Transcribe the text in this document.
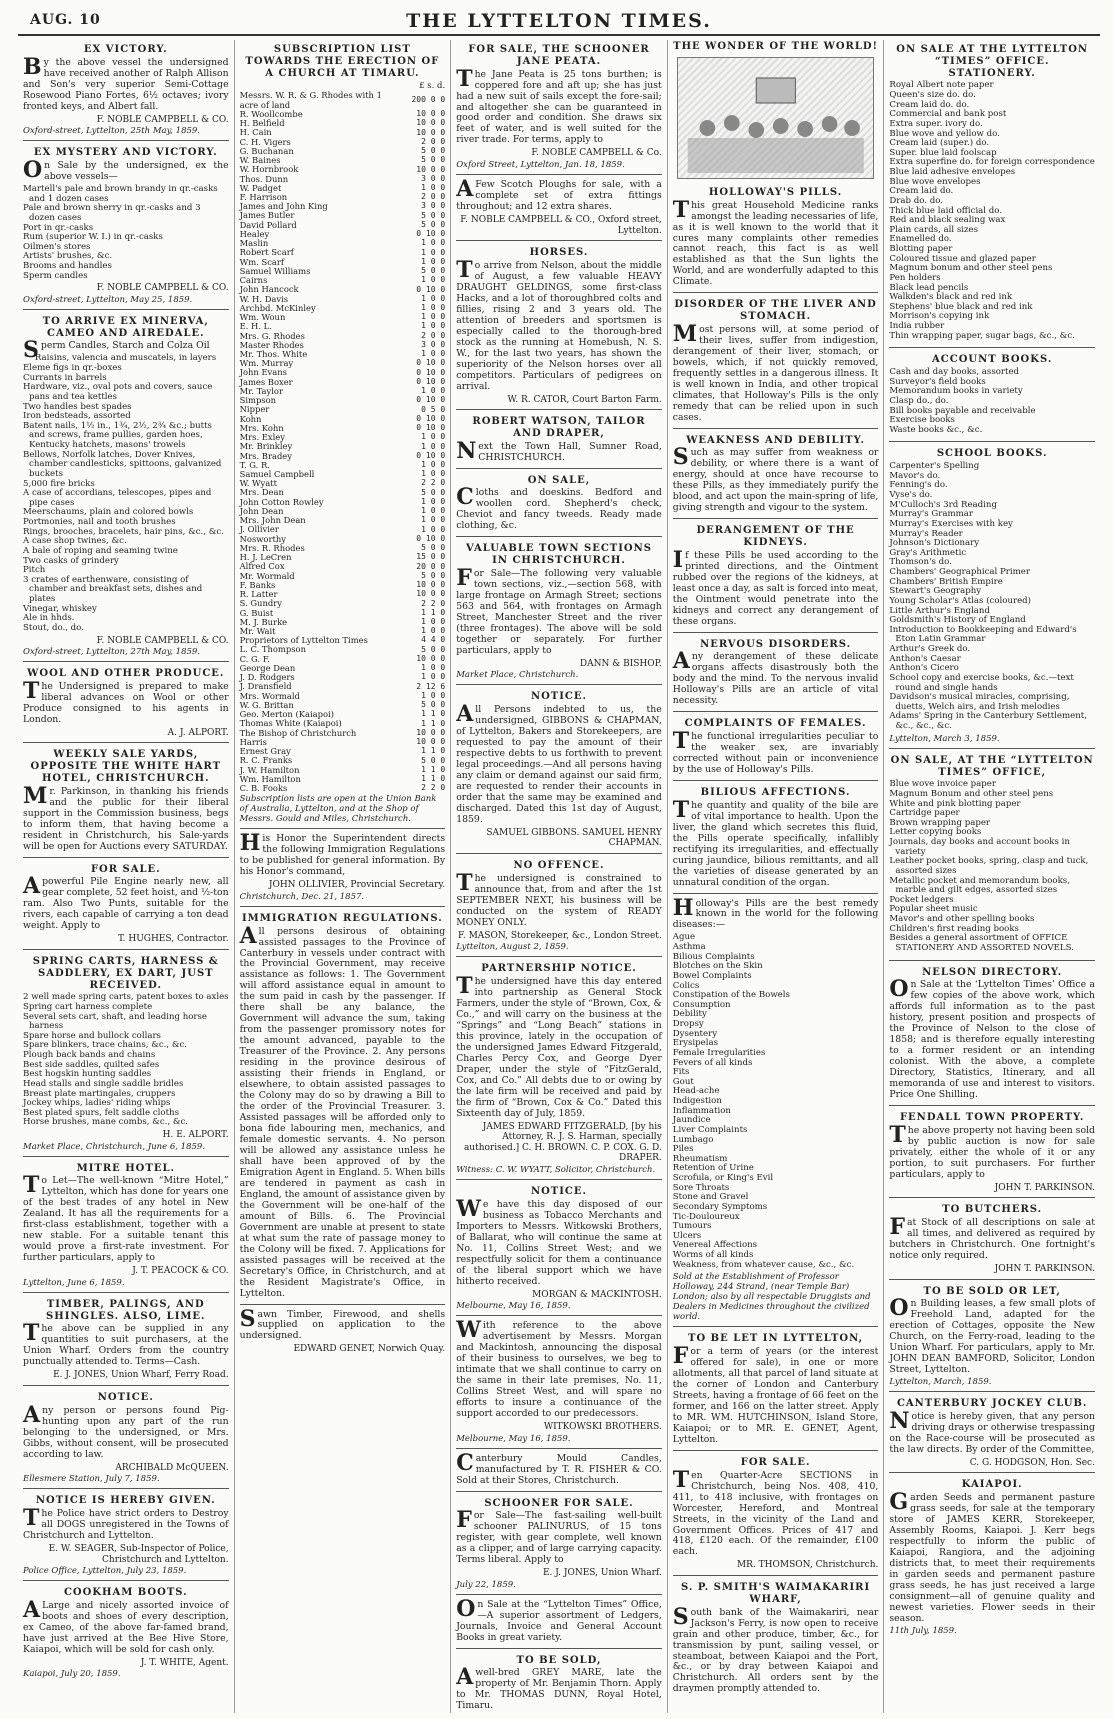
AUG. 10	THE LYTTELTON TIMES.
EX VICTORY.

By the above vessel the undersigned have received another of Ralph Allison and Son's very superior Semi-Cottage Rosewood Piano Fortes, 6½ octaves; ivory fronted keys, and Albert fall.

F. NOBLE CAMPBELL & CO.
Oxford-street, Lyttelton, 25th May, 1859.
EX MYSTERY AND VICTORY.

On Sale by the undersigned, ex the above vessels—

Martell's pale and brown brandy in qr.-casks and 1 dozen cases
Pale and brown sherry in qr.-casks and 3 dozen cases
Port in qr.-casks
Rum (superior W. I.) in qr.-casks
Oilmen's stores
Artists' brushes, &c.
Brooms and handles
Sperm candles
F. NOBLE CAMPBELL & CO.
Oxford-street, Lyttelton, May 25, 1859.
TO ARRIVE EX MINERVA, CAMEO AND AIREDALE.

Sperm Candles, Starch and Colza Oil

Raisins, valencia and muscatels, in layers
Eleme figs in qr.-boxes
Currants in barrels
Hardware, viz., oval pots and covers, sauce pans and tea kettles
Two handles best spades
Iron bedsteads, assorted
Batent nails, 1½ in., 1¾, 2½, 2¾ &c.; butts and screws, frame pullies, garden hoes, Kentucky hatchets, masons' trowels
Bellows, Norfolk latches, Dover Knives, chamber candlesticks, spittoons, galvanized buckets
5,000 fire bricks
A case of accordians, telescopes, pipes and pipe cases
Meerschaums, plain and colored bowls
Portmonies, nail and tooth brushes
Rings, brooches, bracelets, hair pins, &c., &c.
A case shop twines, &c.
A bale of roping and seaming twine
Two casks of grindery
Pitch
3 crates of earthenware, consisting of chamber and breakfast sets, dishes and plates
Vinegar, whiskey
Ale in hhds.
Stout, do., do.
F. NOBLE CAMPBELL & CO.
Oxford-street, Lyttelton, 27th May, 1859.
WOOL AND OTHER PRODUCE.

The Undersigned is prepared to make liberal advances on Wool or other Produce consigned to his agents in London.

A. J. ALPORT.
WEEKLY SALE YARDS, OPPOSITE THE WHITE HART HOTEL, CHRISTCHURCH.

Mr. Parkinson, in thanking his friends and the public for their liberal support in the Commission business, begs to inform them, that having become a resident in Christchurch, his Sale-yards will be open for Auctions every SATURDAY.

FOR SALE.

Apowerful Pile Engine nearly new, all gear complete, 52 feet hoist, and ½-ton ram. Also Two Punts, suitable for the rivers, each capable of carrying a ton dead weight. Apply to

T. HUGHES, Contractor.
SPRING CARTS, HARNESS & SADDLERY, EX DART, JUST RECEIVED.
2 well made spring carts, patent boxes to axles
Spring cart harness complete
Several sets cart, shaft, and leading horse harness
Spare horse and bullock collars
Spare blinkers, trace chains, &c., &c.
Plough back bands and chains
Best side saddles, quilted safes
Best hogskin hunting saddles
Head stalls and single saddle bridles
Breast plate martingales, cruppers
Jockey whips, ladies' riding whips
Best plated spurs, felt saddle cloths
Horse brushes, mane combs, &c., &c.
H. E. ALPORT.
Market Place, Christchurch, June 6, 1859.
MITRE HOTEL.

To Let—The well-known “Mitre Hotel,” Lyttelton, which has done for years one of the best trades of any hotel in New Zealand. It has all the requirements for a first-class establishment, together with a new stable. For a suitable tenant this would prove a first-rate investment. For further particulars, apply to

J. T. PEACOCK & CO.
Lyttelton, June 6, 1859.
TIMBER, PALINGS, AND SHINGLES. ALSO, LIME.

The above can be supplied in any quantities to suit purchasers, at the Union Wharf. Orders from the country punctually attended to. Terms—Cash.

E. J. JONES, Union Wharf, Ferry Road.
NOTICE.

Any person or persons found Pig-hunting upon any part of the run belonging to the undersigned, or Mrs. Gibbs, without consent, will be prosecuted according to law.

ARCHIBALD McQUEEN.
Ellesmere Station, July 7, 1859.
NOTICE IS HEREBY GIVEN.

The Police have strict orders to Destroy all DOGS unregistered in the Towns of Christchurch and Lyttelton.

E. W. SEAGER, Sub-Inspector of Police, Christchurch and Lyttelton.
Police Office, Lyttelton, July 23, 1859.
COOKHAM BOOTS.

ALarge and nicely assorted invoice of boots and shoes of every description, ex Cameo, of the above far-famed brand, have just arrived at the Bee Hive Store, Kaiapoi, which will be sold for cash only.

J. T. WHITE, Agent.
Kaiapoi, July 20, 1859.
SUBSCRIPTION LIST TOWARDS THE ERECTION OF A CHURCH AT TIMARU.
£ s. d.
Messrs. W. R. & G. Rhodes with 1 acre of land	200 0 0
R. Woollcombe	10 0 0
H. Belfield	10 0 0
H. Cain	10 0 0
C. H. Vigers	2 0 0
G. Buchanan	5 0 0
W. Baines	5 0 0
W. Hornbrook	10 0 0
Thos. Dunn	3 0 0
W. Padget	1 0 0
F. Harrison	2 0 0
James and John King	3 0 0
James Butler	5 0 0
David Pollard	5 0 0
Healey	0 10 0
Maslin	1 0 0
Robert Scarf	1 0 0
Wm. Scarf	1 0 0
Samuel Williams	5 0 0
Cairns	1 0 0
John Hancock	0 10 0
W. H. Davis	1 0 0
Archbd. McKinley	1 0 0
Wm. Woun	1 0 0
E. H. L.	1 0 0
Mrs. G. Rhodes	2 0 0
Master Rhodes	3 0 0
Mr. Thos. White	1 0 0
Wm. Murray	0 10 0
John Evans	0 10 0
James Boxer	0 10 0
Mr. Taylor	1 0 0
Simpson	0 10 0
Nipper	0 5 0
Kohn	0 10 0
Mrs. Kohn	0 10 0
Mrs. Exley	1 0 0
Mr. Brinkley	1 0 0
Mrs. Bradey	0 10 0
T. G. R.	1 0 0
Samuel Campbell	1 0 0
W. Wyatt	2 2 0
Mrs. Dean	5 0 0
John Cotton Rowley	1 0 0
John Dean	1 0 0
Mrs. John Dean	1 0 0
J. Ollivier	1 0 0
Nosworthy	0 10 0
Mrs. R. Rhodes	5 0 0
H. J. LeCren	15 0 0
Alfred Cox	20 0 0
Mr. Wormald	5 0 0
F. Banks	10 0 0
R. Latter	10 0 0
S. Gundry	2 2 0
G. Buist	1 1 0
M. J. Burke	1 0 0
Mr. Wait	1 0 0
Proprietors of Lyttelton Times	4 4 0
L. C. Thompson	5 0 0
C. G. F.	10 0 0
George Dean	1 0 0
J. D. Rodgers	1 0 0
J. Dransfield	2 12 6
Mrs. Wormald	1 0 0
W. G. Brittan	5 0 0
Geo. Merton (Kaiapoi)	1 1 0
Thomas White (Kaiapoi)	1 1 0
The Bishop of Christchurch	10 0 0
Harris	10 0 0
Ernest Gray	1 1 0
R. C. Franks	5 0 0
J. W. Hamilton	1 1 0
Wm. Hamilton	1 1 0
C. B. Fooks	2 2 0
Subscription lists are open at the Union Bank of Australia, Lyttelton, and at the Shop of Messrs. Gould and Miles, Christchurch.

His Honor the Superintendent directs the following Immigration Regulations to be published for general information. By his Honor's command,

JOHN OLLIVIER, Provincial Secretary.
Christchurch, Dec. 21, 1857.
IMMIGRATION REGULATIONS.

All persons desirous of obtaining assisted passages to the Province of Canterbury in vessels under contract with the Provincial Government, may receive assistance as follows: 1. The Government will afford assistance equal in amount to the sum paid in cash by the passenger. If there shall be any balance, the Government will advance the sum, taking from the passenger promissory notes for the amount advanced, payable to the Treasurer of the Province. 2. Any persons residing in the province desirous of assisting their friends in England, or elsewhere, to obtain assisted passages to the Colony may do so by drawing a Bill to the order of the Provincial Treasurer. 3. Assisted passages will be afforded only to bona fide labouring men, mechanics, and female domestic servants. 4. No person will be allowed any assistance unless he shall have been approved of by the Emigration Agent in England. 5. When bills are tendered in payment as cash in England, the amount of assistance given by the Government will be one-half of the amount of Bills. 6. The Provincial Government are unable at present to state at what sum the rate of passage money to the Colony will be fixed. 7. Applications for assisted passages will be received at the Secretary's Office, in Christchurch, and at the Resident Magistrate's Office, in Lyttelton.

Sawn Timber, Firewood, and shells supplied on application to the undersigned.

EDWARD GENET, Norwich Quay.
FOR SALE, THE SCHOONER JANE PEATA.

The Jane Peata is 25 tons burthen; is coppered fore and aft up; she has just had a new suit of sails except the fore-sail; and altogether she can be guaranteed in good order and condition. She draws six feet of water, and is well suited for the river trade. For terms, apply to

F. NOBLE CAMPBELL & Co.
Oxford Street, Lyttelton, Jan. 18, 1859.

AFew Scotch Ploughs for sale, with a complete set of extra fittings throughout; and 12 extra shares.

F. NOBLE CAMPBELL & CO., Oxford street, Lyttelton.
HORSES.

To arrive from Nelson, about the middle of August, a few valuable HEAVY DRAUGHT GELDINGS, some first-class Hacks, and a lot of thoroughbred colts and fillies, rising 2 and 3 years old. The attention of breeders and sportsmen is especially called to the thorough-bred stock as the running at Homebush, N. S. W., for the last two years, has shown the superiority of the Nelson horses over all competitors. Particulars of pedigrees on arrival.

W. R. CATOR, Court Barton Farm.
ROBERT WATSON, TAILOR AND DRAPER,

Next the Town Hall, Sumner Road, CHRISTCHURCH.

ON SALE,

Cloths and doeskins. Bedford and woollen cord. Shepherd's check, Cheviot and fancy tweeds. Ready made clothing, &c.

VALUABLE TOWN SECTIONS IN CHRISTCHURCH.

For Sale—The following very valuable town sections, viz.,—section 568, with large frontage on Armagh Street; sections 563 and 564, with frontages on Armagh Street, Manchester Street and the river (three frontages). The above will be sold together or separately. For further particulars, apply to

DANN & BISHOP.
Market Place, Christchurch.
NOTICE.

All Persons indebted to us, the undersigned, GIBBONS & CHAPMAN, of Lyttelton, Bakers and Storekeepers, are requested to pay the amount of their respective debts to us forthwith to prevent legal proceedings.—And all persons having any claim or demand against our said firm, are requested to render their accounts in order that the same may be examined and discharged. Dated this 1st day of August, 1859.

SAMUEL GIBBONS. SAMUEL HENRY CHAPMAN.
NO OFFENCE.

The undersigned is constrained to announce that, from and after the 1st SEPTEMBER NEXT, his business will be conducted on the system of READY MONEY ONLY.

F. MASON, Storekeeper, &c., London Street.
Lyttelton, August 2, 1859.
PARTNERSHIP NOTICE.

The undersigned have this day entered into partnership as General Stock Farmers, under the style of “Brown, Cox, & Co.,” and will carry on the business at the “Springs” and “Long Beach” stations in this province, lately in the occupation of the undersigned James Edward Fitzgerald, Charles Percy Cox, and George Dyer Draper, under the style of “FitzGerald, Cox, and Co.” All debts due to or owing by the late firm will be received and paid by the firm of “Brown, Cox & Co.” Dated this Sixteenth day of July, 1859.

JAMES EDWARD FITZGERALD, [by his Attorney, R. J. S. Harman, specially authorised.] C. H. BROWN. C. P. COX. G. D. DRAPER.
Witness: C. W. WYATT, Solicitor, Christchurch.
NOTICE.

We have this day disposed of our business as Tobacco Merchants and Importers to Messrs. Witkowski Brothers, of Ballarat, who will continue the same at No. 11, Collins Street West; and we respectfully solicit for them a continuance of the liberal support which we have hitherto received.

MORGAN & MACKINTOSH.
Melbourne, May 16, 1859.

With reference to the above advertisement by Messrs. Morgan and Mackintosh, announcing the disposal of their business to ourselves, we beg to intimate that we shall continue to carry on the same in their late premises, No. 11, Collins Street West, and will spare no efforts to insure a continuance of the support accorded to our predecessors.

WITKOWSKI BROTHERS.
Melbourne, May 16, 1859.

Canterbury Mould Candles, manufactured by T. R. FISHER & CO. Sold at their Stores, Christchurch.

SCHOONER FOR SALE.

For Sale—The fast-sailing well-built schooner PALINURUS, of 15 tons register, with gear complete, well known as a clipper, and of large carrying capacity. Terms liberal. Apply to

E. J. JONES, Union Wharf.
July 22, 1859.

On Sale at the “Lyttelton Times” Office,—A superior assortment of Ledgers, Journals, Invoice and General Account Books in great variety.

TO BE SOLD,

Awell-bred GREY MARE, late the property of Mr. Benjamin Thorn. Apply to Mr. THOMAS DUNN, Royal Hotel, Timaru.

THE WONDER OF THE WORLD!
HOLLOWAY'S PILLS.

This great Household Medicine ranks amongst the leading necessaries of life, as it is well known to the world that it cures many complaints other remedies cannot reach, this fact is as well established as that the Sun lights the World, and are wonderfully adapted to this Climate.

DISORDER OF THE LIVER AND STOMACH.

Most persons will, at some period of their lives, suffer from indigestion, derangement of their liver, stomach, or bowels, which, if not quickly removed, frequently settles in a dangerous illness. It is well known in India, and other tropical climates, that Holloway's Pills is the only remedy that can be relied upon in such cases.

WEAKNESS AND DEBILITY.

Such as may suffer from weakness or debility, or where there is a want of energy, should at once have recourse to these Pills, as they immediately purify the blood, and act upon the main-spring of life, giving strength and vigour to the system.

DERANGEMENT OF THE KIDNEYS.

If these Pills be used according to the printed directions, and the Ointment rubbed over the regions of the kidneys, at least once a day, as salt is forced into meat, the Ointment would penetrate into the kidneys and correct any derangement of these organs.

NERVOUS DISORDERS.

Any derangement of these delicate organs affects disastrously both the body and the mind. To the nervous invalid Holloway's Pills are an article of vital necessity.

COMPLAINTS OF FEMALES.

The functional irregularities peculiar to the weaker sex, are invariably corrected without pain or inconvenience by the use of Holloway's Pills.

BILIOUS AFFECTIONS.

The quantity and quality of the bile are of vital importance to health. Upon the liver, the gland which secretes this fluid, the Pills operate specifically, infallibly rectifying its irregularities, and effectually curing jaundice, bilious remittants, and all the varieties of disease generated by an unnatural condition of the organ.

Holloway's Pills are the best remedy known in the world for the following diseases:—

Ague
Asthma
Bilious Complaints
Blotches on the Skin
Bowel Complaints
Colics
Constipation of the Bowels
Consumption
Debility
Dropsy
Dysentery
Erysipelas
Female Irregularities
Fevers of all kinds
Fits
Gout
Head-ache
Indigestion
Inflammation
Jaundice
Liver Complaints
Lumbago
Piles
Rheumatism
Retention of Urine
Scrofula, or King's Evil
Sore Throats
Stone and Gravel
Secondary Symptoms
Tic-Douloureux
Tumours
Ulcers
Venereal Affections
Worms of all kinds
Weakness, from whatever cause, &c., &c.
Sold at the Establishment of Professor Holloway, 244 Strand, (near Temple Bar) London; also by all respectable Druggists and Dealers in Medicines throughout the civilized world.
TO BE LET IN LYTTELTON,

For a term of years (or the interest offered for sale), in one or more allotments, all that parcel of land situate at the corner of London and Canterbury Streets, having a frontage of 66 feet on the former, and 166 on the latter street. Apply to MR. WM. HUTCHINSON, Island Store, Kaiapoi; or to MR. E. GENET, Agent, Lyttelton.

FOR SALE.

Ten Quarter-Acre SECTIONS in Christchurch, being Nos. 408, 410, 411, to 418 inclusive, with frontages on Worcester, Hereford, and Montreal Streets, in the vicinity of the Land and Government Offices. Prices of 417 and 418, £120 each. Of the remainder, £100 each.

MR. THOMSON, Christchurch.
S. P. SMITH'S WAIMAKARIRI WHARF,

South bank of the Waimakariri, near Jackson's Ferry, is now open to receive grain and other produce, timber, &c., for transmission by punt, sailing vessel, or steamboat, between Kaiapoi and the Port, &c., or by dray between Kaiapoi and Christchurch. All orders sent by the draymen promptly attended to.

ON SALE AT THE LYTTELTON “TIMES” OFFICE. STATIONERY.
Royal Albert note paper
Queen's size do. do.
Cream laid do. do.
Commercial and bank post
Extra super. ivory do.
Blue wove and yellow do.
Cream laid (super.) do.
Super. blue laid foolscap
Extra superfine do. for foreign correspondence
Blue laid adhesive envelopes
Blue wove envelopes
Cream laid do.
Drab do. do.
Thick blue laid official do.
Red and black sealing wax
Plain cards, all sizes
Enamelled do.
Blotting paper
Coloured tissue and glazed paper
Magnum bonum and other steel pens
Pen holders
Black lead pencils
Walkden's black and red ink
Stephens' blue black and red ink
Morrison's copying ink
India rubber
Thin wrapping paper, sugar bags, &c., &c.
ACCOUNT BOOKS.
Cash and day books, assorted
Surveyor's field books
Memorandum books in variety
Clasp do., do.
Bill books payable and receivable
Exercise books
Waste books &c., &c.
SCHOOL BOOKS.
Carpenter's Spelling
Mavor's do.
Fenning's do.
Vyse's do.
M'Culloch's 3rd Reading
Murray's Grammar
Murray's Exercises with key
Murray's Reader
Johnson's Dictionary
Gray's Arithmetic
Thomson's do.
Chambers' Geographical Primer
Chambers' British Empire
Stewart's Geography
Young Scholar's Atlas (coloured)
Little Arthur's England
Goldsmith's History of England
Introduction to Bookkeeping and Edward's Eton Latin Grammar
Arthur's Greek do.
Anthon's Caesar
Anthon's Cicero
School copy and exercise books, &c.—text round and single hands
Davidson's musical miracles, comprising, duetts, Welch airs, and Irish melodies
Adams' Spring in the Canterbury Settlement, &c., &c., &c.
Lyttelton, March 3, 1859.
ON SALE, AT THE “LYTTELTON TIMES” OFFICE,
Blue wove invoice paper
Magnum Bonum and other steel pens
White and pink blotting paper
Cartridge paper
Brown wrapping paper
Letter copying books
Journals, day books and account books in variety
Leather pocket books, spring, clasp and tuck, assorted sizes
Metallic pocket and memorandum books, marble and gilt edges, assorted sizes
Pocket ledgers
Popular sheet music
Mavor's and other spelling books
Children's first reading books
Besides a general assortment of OFFICE STATIONERY AND ASSORTED NOVELS.
NELSON DIRECTORY.

On Sale at the ‘Lyttelton Times’ Office a few copies of the above work, which affords full information as to the past history, present position and prospects of the Province of Nelson to the close of 1858; and is therefore equally interesting to a former resident or an intending colonist. With the above, a complete Directory, Statistics, Itinerary, and all memoranda of use and interest to visitors. Price One Shilling.

FENDALL TOWN PROPERTY.

The above property not having been sold by public auction is now for sale privately, either the whole of it or any portion, to suit purchasers. For further particulars, apply to

JOHN T. PARKINSON.
TO BUTCHERS.

Fat Stock of all descriptions on sale at all times, and delivered as required by butchers in Christchurch. One fortnight's notice only required.

JOHN T. PARKINSON.
TO BE SOLD OR LET,

On Building leases, a few small plots of Freehold Land, adapted for the erection of Cottages, opposite the New Church, on the Ferry-road, leading to the Union Wharf. For particulars, apply to Mr. JOHN DEAN BAMFORD, Solicitor, London Street, Lyttelton.

Lyttelton, March, 1859.
CANTERBURY JOCKEY CLUB.

Notice is hereby given, that any person driving drays or otherwise trespassing on the Race-course will be prosecuted as the law directs. By order of the Committee,

C. G. HODGSON, Hon. Sec.
KAIAPOI.

Garden Seeds and permanent pasture grass seeds, for sale at the temporary store of JAMES KERR, Storekeeper, Assembly Rooms, Kaiapoi. J. Kerr begs respectfully to inform the public of Kaiapoi, Rangiora, and the adjoining districts that, to meet their requirements in garden seeds and permanent pasture grass seeds, he has just received a large consignment—all of genuine quality and newest varieties. Flower seeds in their season.

11th July, 1859.
